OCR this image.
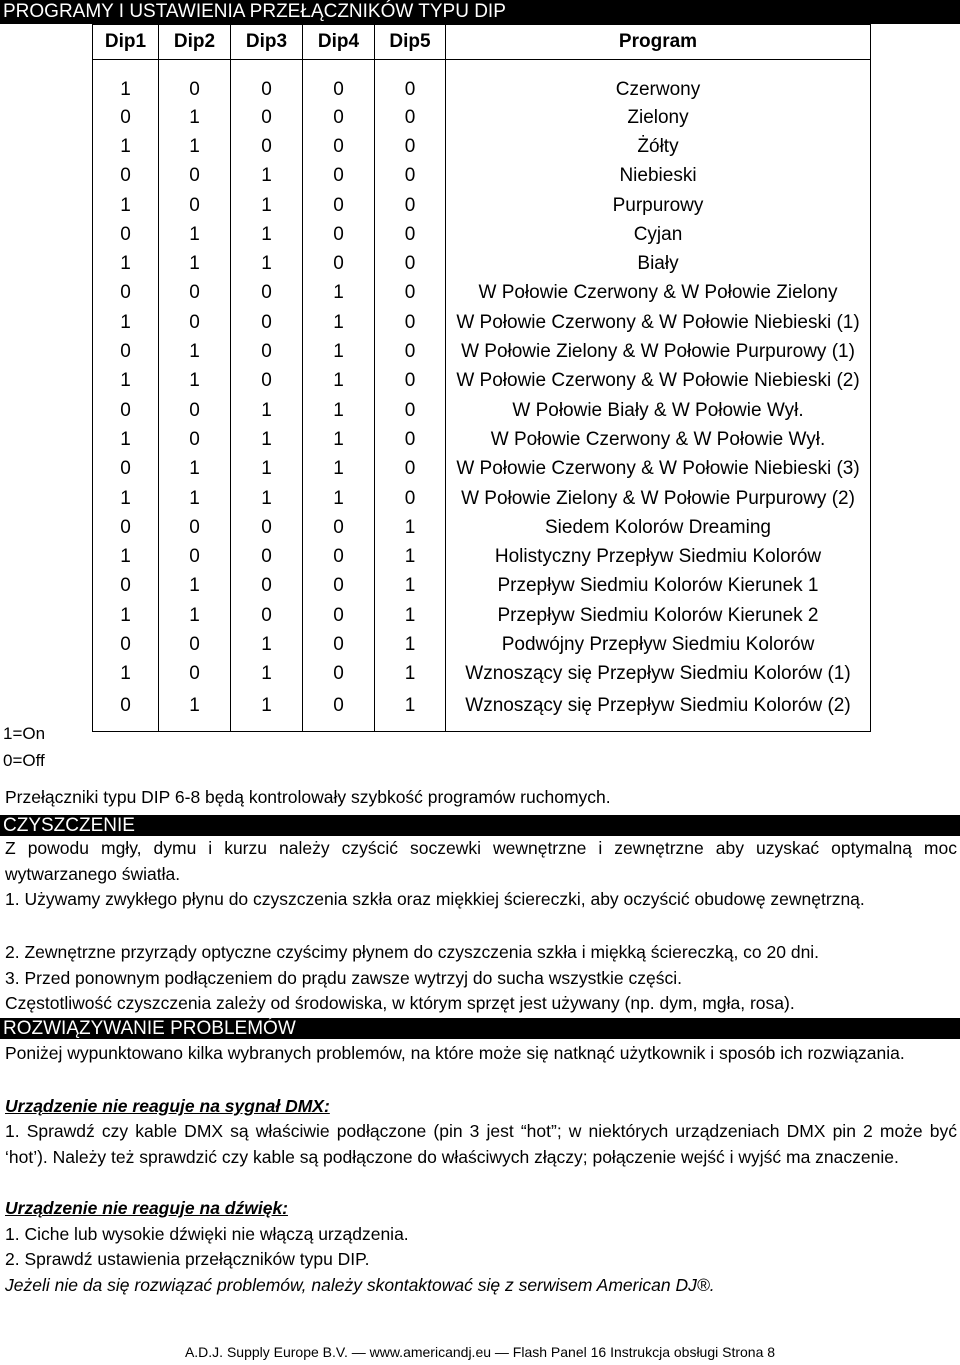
PROGRAMY I USTAWIENIA PRZEŁĄCZNIKÓW TYPU DIP
Dip1	Dip2	Dip3	Dip4	Dip5	Program
1	0	0	0	0	Czerwony
0	1	0	0	0	Zielony
1	1	0	0	0	Żółty
0	0	1	0	0	Niebieski
1	0	1	0	0	Purpurowy
0	1	1	0	0	Cyjan
1	1	1	0	0	Biały
0	0	0	1	0	W Połowie Czerwony & W Połowie Zielony
1	0	0	1	0	W Połowie Czerwony & W Połowie Niebieski (1)
0	1	0	1	0	W Połowie Zielony & W Połowie Purpurowy (1)
1	1	0	1	0	W Połowie Czerwony & W Połowie Niebieski (2)
0	0	1	1	0	W Połowie Biały & W Połowie Wył.
1	0	1	1	0	W Połowie Czerwony & W Połowie Wył.
0	1	1	1	0	W Połowie Czerwony & W Połowie Niebieski (3)
1	1	1	1	0	W Połowie Zielony & W Połowie Purpurowy (2)
0	0	0	0	1	Siedem Kolorów Dreaming
1	0	0	0	1	Holistyczny Przepływ Siedmiu Kolorów
0	1	0	0	1	Przepływ Siedmiu Kolorów Kierunek 1
1	1	0	0	1	Przepływ Siedmiu Kolorów Kierunek 2
0	0	1	0	1	Podwójny Przepływ Siedmiu Kolorów
1	0	1	0	1	Wznoszący się Przepływ Siedmiu Kolorów (1)
0	1	1	0	1	Wznoszący się Przepływ Siedmiu Kolorów (2)
1=On
0=Off
Przełączniki typu DIP 6-8 będą kontrolowały szybkość programów ruchomych.
CZYSZCZENIE
Z powodu mgły, dymu i kurzu należy czyścić soczewki wewnętrzne i zewnętrzne aby uzyskać optymalną moc wytwarzanego światła.
1. Używamy zwykłego płynu do czyszczenia szkła oraz miękkiej ściereczki, aby oczyścić obudowę zewnętrzną.
2. Zewnętrzne przyrządy optyczne czyścimy płynem do czyszczenia szkła i miękką ściereczką, co 20 dni.
3. Przed ponownym podłączeniem do prądu zawsze wytrzyj do sucha wszystkie części.
Częstotliwość czyszczenia zależy od środowiska, w którym sprzęt jest używany (np. dym, mgła, rosa).
ROZWIĄZYWANIE PROBLEMÓW
Poniżej wypunktowano kilka wybranych problemów, na które może się natknąć użytkownik i sposób ich rozwiązania.
Urządzenie nie reaguje na sygnał DMX:
1. Sprawdź czy kable DMX są właściwie podłączone (pin 3 jest “hot”; w niektórych urządzeniach DMX pin 2 może być ‘hot’). Należy też sprawdzić czy kable są podłączone do właściwych złączy; połączenie wejść i wyjść ma znaczenie.
Urządzenie nie reaguje na dźwięk:
1. Ciche lub wysokie dźwięki nie włączą urządzenia.
2. Sprawdź ustawienia przełączników typu DIP.
Jeżeli nie da się rozwiązać problemów, należy skontaktować się z serwisem American DJ®.
A.D.J. Supply Europe B.V. — www.americandj.eu — Flash Panel 16 Instrukcja obsługi Strona 8
